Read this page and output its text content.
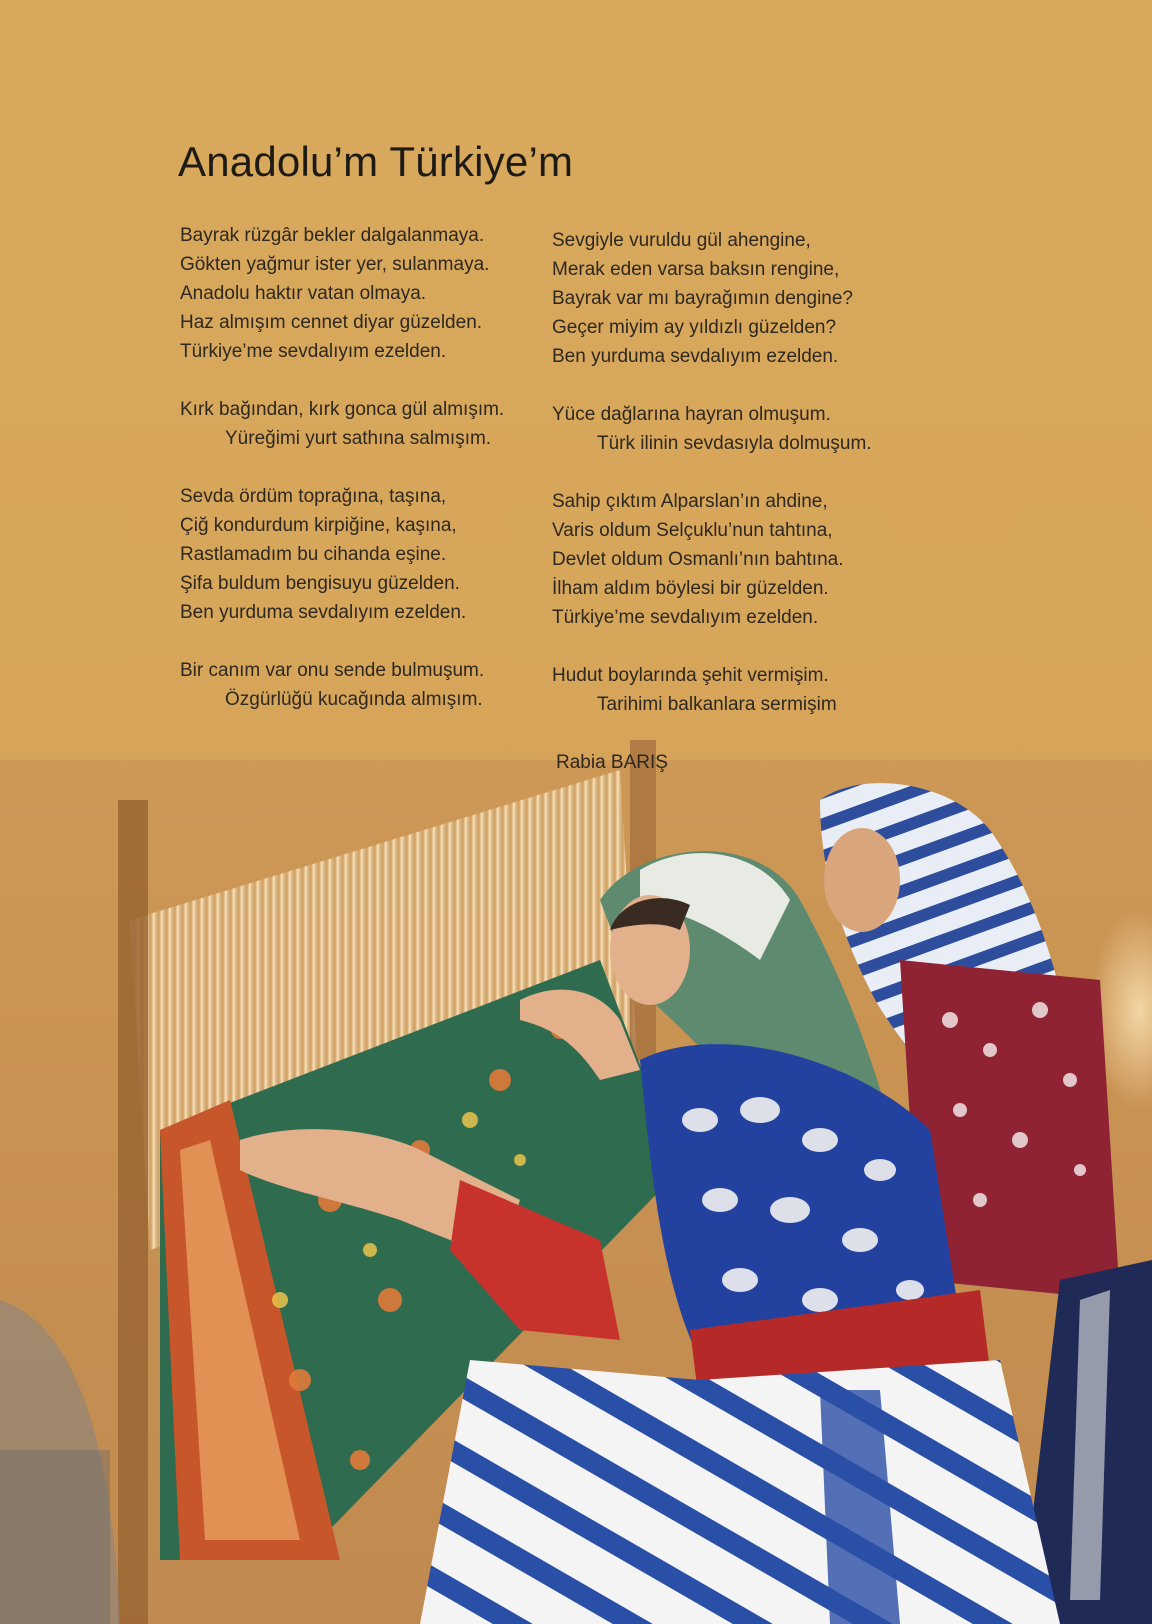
Anadolu’m Türkiye’m
Bayrak rüzgâr bekler dalgalanmaya.
Gökten yağmur ister yer, sulanmaya.
Anadolu haktır vatan olmaya.
Haz almışım cennet diyar güzelden.
Türkiye’me sevdalıyım ezelden.
Kırk bağından, kırk gonca gül almışım.
Yüreğimi yurt sathına salmışım.
Sevda ördüm toprağına, taşına,
Çiğ kondurdum kirpiğine, kaşına,
Rastlamadım bu cihanda eşine.
Şifa buldum bengisuyu güzelden.
Ben yurduma sevdalıyım ezelden.
Bir canım var onu sende bulmuşum.
Özgürlüğü kucağında almışım.
Sevgiyle vuruldu gül ahengine,
Merak eden varsa baksın rengine,
Bayrak var mı bayrağımın dengine?
Geçer miyim ay yıldızlı güzelden?
Ben yurduma sevdalıyım ezelden.
Yüce dağlarına hayran olmuşum.
Türk ilinin sevdasıyla dolmuşum.
Sahip çıktım Alparslan’ın ahdine,
Varis oldum Selçuklu’nun tahtına,
Devlet oldum Osmanlı’nın bahtına.
İlham aldım böylesi bir güzelden.
Türkiye’me sevdalıyım ezelden.
Hudut boylarında şehit vermişim.
Tarihimi balkanlara sermişim
Rabia BARIŞ
